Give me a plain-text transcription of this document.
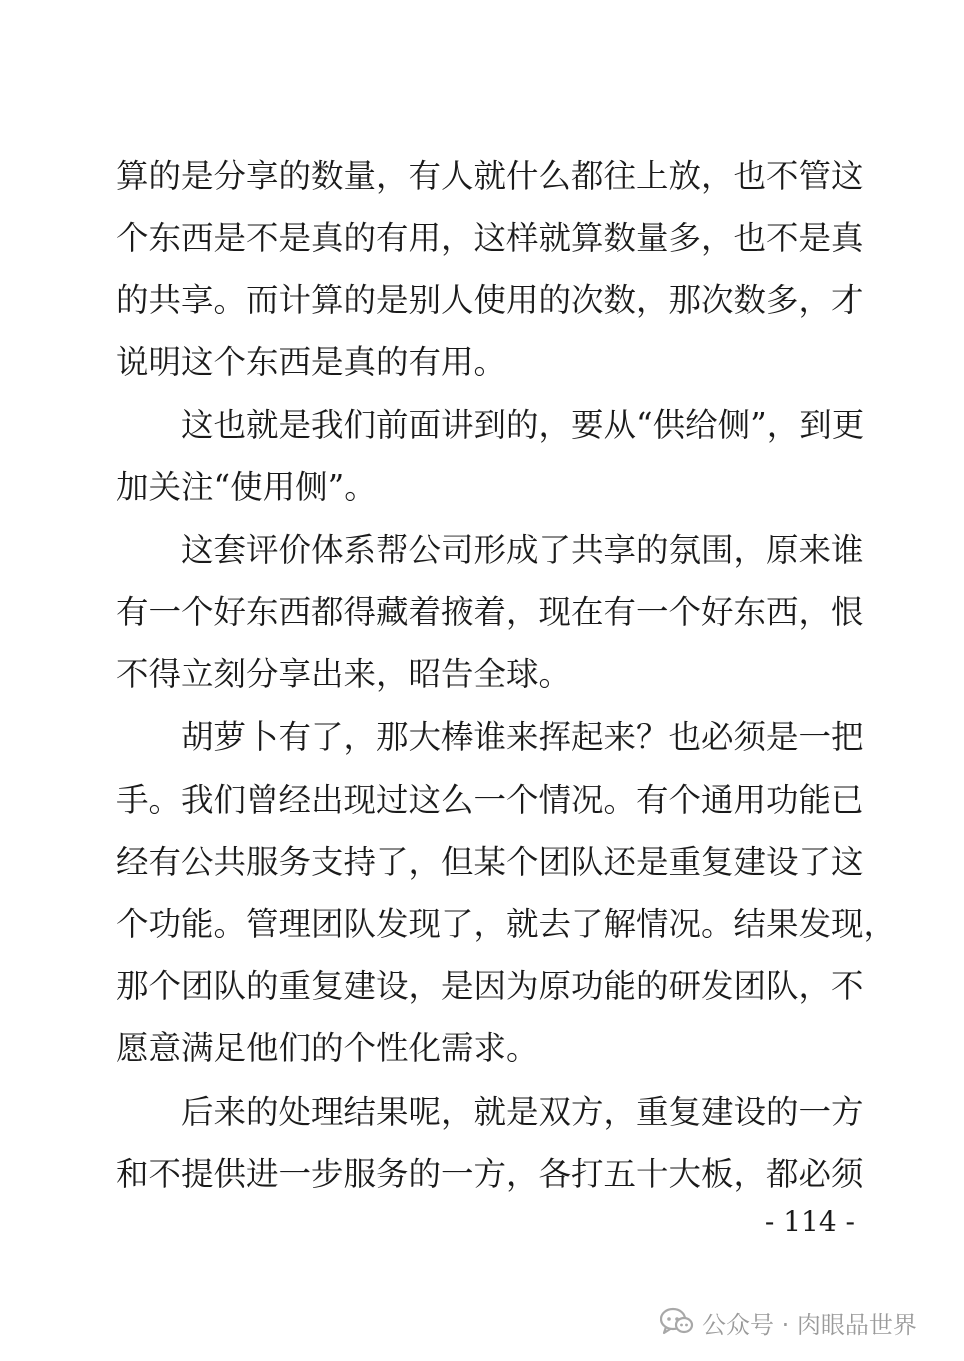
算的是分享的数量，有人就什么都往上放，也不管这
个东西是不是真的有用，这样就算数量多，也不是真
的共享。而计算的是别人使用的次数，那次数多，才
说明这个东西是真的有用。
这也就是我们前面讲到的，要从“供给侧”，到更
加关注“使用侧”。
这套评价体系帮公司形成了共享的氛围，原来谁
有一个好东西都得藏着掖着，现在有一个好东西，恨
不得立刻分享出来，昭告全球。
胡萝卜有了，那大棒谁来挥起来？也必须是一把
手。我们曾经出现过这么一个情况。有个通用功能已
经有公共服务支持了，但某个团队还是重复建设了这
个功能。管理团队发现了，就去了解情况。结果发现，
那个团队的重复建设，是因为原功能的研发团队，不
愿意满足他们的个性化需求。
后来的处理结果呢，就是双方，重复建设的一方
和不提供进一步服务的一方，各打五十大板，都必须
- 114 -
公众号 · 肉眼品世界
